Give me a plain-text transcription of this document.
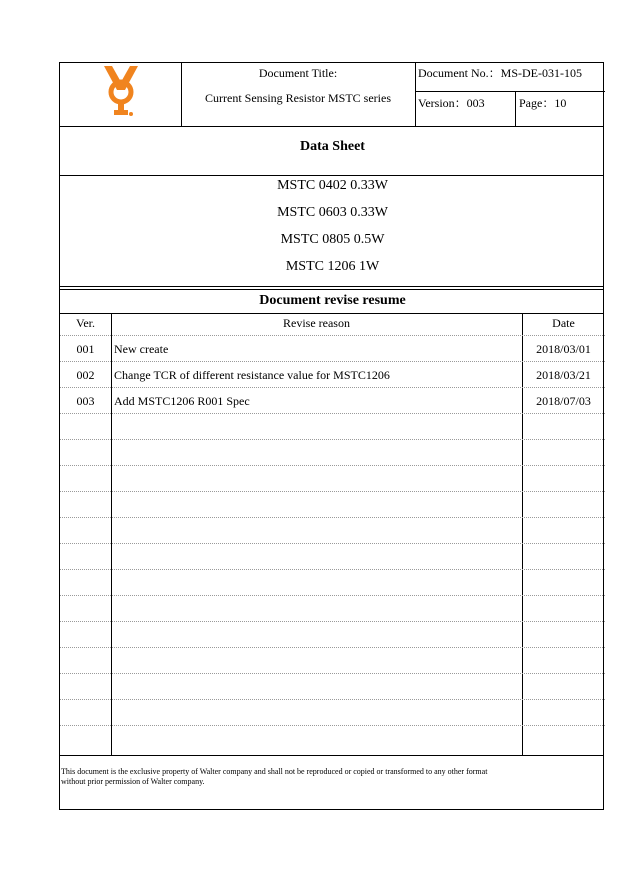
Document Title:
Current Sensing Resistor MSTC series
Document No.：MS-DE-031-105
Version：003	Page：10
Data Sheet
MSTC 0402 0.33W
MSTC 0603 0.33W
MSTC 0805 0.5W
MSTC 1206 1W
Document revise resume
Ver.	Revise reason	Date
001	New create	2018/03/01
002	Change TCR of different resistance value for MSTC1206	2018/03/21
003	Add MSTC1206 R001 Spec	2018/07/03
This document is the exclusive property of Walter company and shall not be reproduced or copied or transformed to any other format
without prior permission of Walter company.
